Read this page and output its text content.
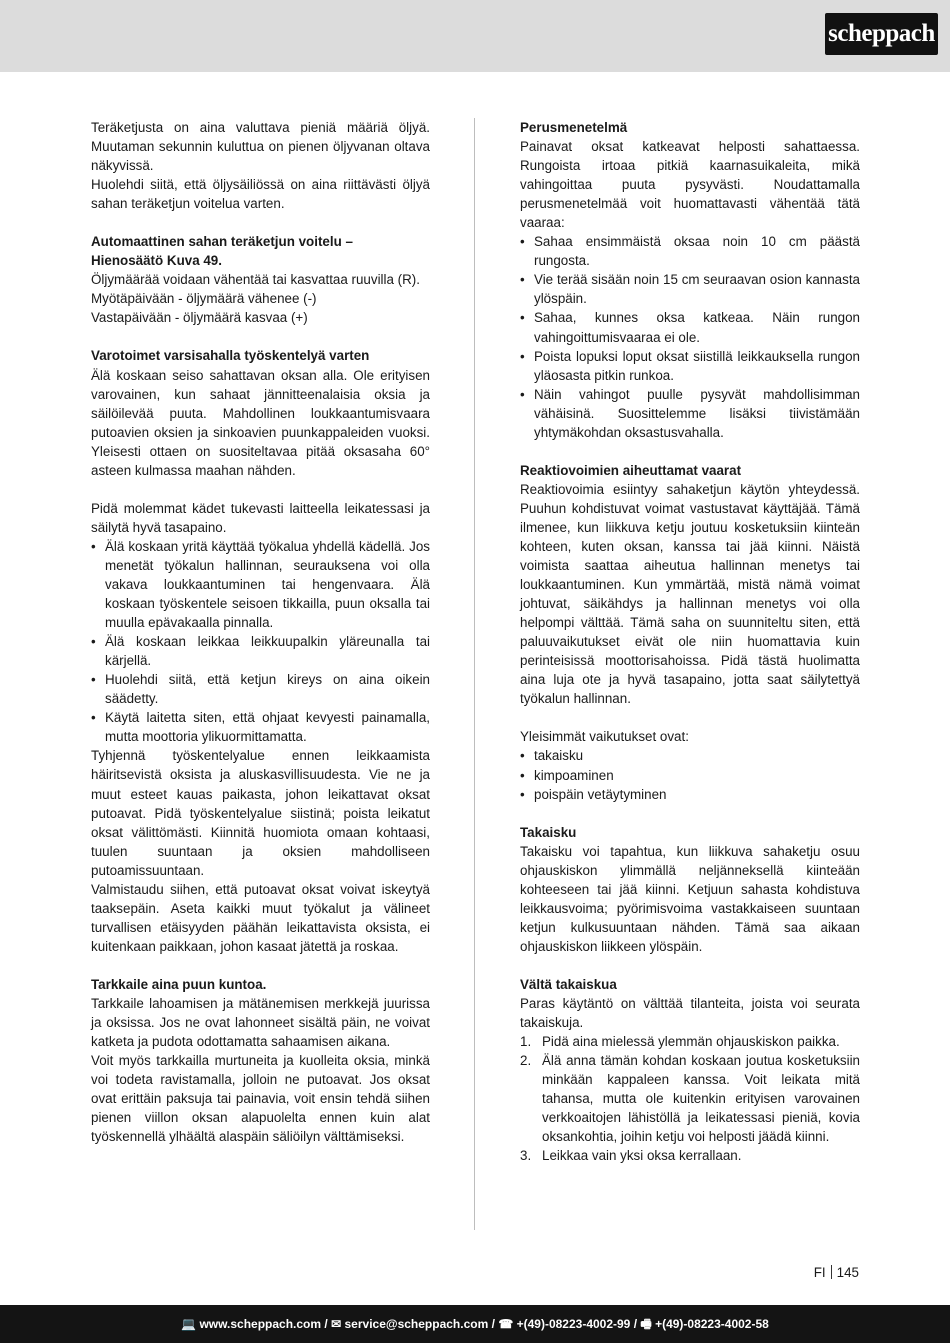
scheppach

Teräketjusta on aina valuttava pieniä määriä öljyä. Muutaman sekunnin kuluttua on pienen öljyvanan oltava näkyvissä.

Huolehdi siitä, että öljysäiliössä on aina riittävästi öljyä sahan teräketjun voitelua varten.

Automaattinen sahan teräketjun voitelu –

Hienosäätö Kuva 49.

Öljymäärää voidaan vähentää tai kasvattaa ruuvilla (R).

Myötäpäivään - öljymäärä vähenee (-)

Vastapäivään - öljymäärä kasvaa (+)

Varotoimet varsisahalla työskentelyä varten

Älä koskaan seiso sahattavan oksan alla. Ole erityisen varovainen, kun sahaat jännitteenalaisia oksia ja säilöilevää puuta. Mahdollinen loukkaantumisvaara putoavien oksien ja sinkoavien puunkappaleiden vuoksi. Yleisesti ottaen on suositeltavaa pitää oksasaha 60° asteen kulmassa maahan nähden.

Pidä molemmat kädet tukevasti laitteella leikatessasi ja säilytä hyvä tasapaino.

• Älä koskaan yritä käyttää työkalua yhdellä kädellä. Jos menetät työkalun hallinnan, seurauksena voi olla vakava loukkaantuminen tai hengenvaara. Älä koskaan työskentele seisoen tikkailla, puun oksalla tai muulla epävakaalla pinnalla.
• Älä koskaan leikkaa leikkuupalkin yläreunalla tai kärjellä.
• Huolehdi siitä, että ketjun kireys on aina oikein säädetty.
• Käytä laitetta siten, että ohjaat kevyesti painamalla, mutta moottoria ylikuormittamatta.

Tyhjennä työskentelyalue ennen leikkaamista häiritsevistä oksista ja aluskasvillisuudesta. Vie ne ja muut esteet kauas paikasta, johon leikattavat oksat putoavat. Pidä työskentelyalue siistinä; poista leikatut oksat välittömästi. Kiinnitä huomiota omaan kohtaasi, tuulen suuntaan ja oksien mahdolliseen putoamissuuntaan.

Valmistaudu siihen, että putoavat oksat voivat iskeytyä taaksepäin. Aseta kaikki muut työkalut ja välineet turvallisen etäisyyden päähän leikattavista oksista, ei kuitenkaan paikkaan, johon kasaat jätettä ja roskaa.

Tarkkaile aina puun kuntoa.

Tarkkaile lahoamisen ja mätänemisen merkkejä juurissa ja oksissa. Jos ne ovat lahonneet sisältä päin, ne voivat katketa ja pudota odottamatta sahaamisen aikana.

Voit myös tarkkailla murtuneita ja kuolleita oksia, minkä voi todeta ravistamalla, jolloin ne putoavat. Jos oksat ovat erittäin paksuja tai painavia, voit ensin tehdä siihen pienen viillon oksan alapuolelta ennen kuin alat työskennellä ylhäältä alaspäin säliöilyn välttämiseksi.

Perusmenetelmä

Painavat oksat katkeavat helposti sahattaessa. Rungoista irtoaa pitkiä kaarnasuikaleita, mikä vahingoittaa puuta pysyvästi. Noudattamalla perusmenetelmää voit huomattavasti vähentää tätä vaaraa:

• Sahaa ensimmäistä oksaa noin 10 cm päästä rungosta.
• Vie terää sisään noin 15 cm seuraavan osion kannasta ylöspäin.
• Sahaa, kunnes oksa katkeaa. Näin rungon vahingoittumisvaaraa ei ole.
• Poista lopuksi loput oksat siistillä leikkauksella rungon yläosasta pitkin runkoa.
• Näin vahingot puulle pysyvät mahdollisimman vähäisinä. Suosittelemme lisäksi tiivistämään yhtymäkohdan oksastusvahalla.

Reaktiovoimien aiheuttamat vaarat

Reaktiovoimia esiintyy sahaketjun käytön yhteydessä. Puuhun kohdistuvat voimat vastustavat käyttäjää. Tämä ilmenee, kun liikkuva ketju joutuu kosketuksiin kiinteän kohteen, kuten oksan, kanssa tai jää kiinni. Näistä voimista saattaa aiheutua hallinnan menetys tai loukkaantuminen. Kun ymmärtää, mistä nämä voimat johtuvat, säikähdys ja hallinnan menetys voi olla helpompi välttää. Tämä saha on suunniteltu siten, että paluuvaikutukset eivät ole niin huomattavia kuin perinteisissä moottorisahoissa. Pidä tästä huolimatta aina luja ote ja hyvä tasapaino, jotta saat säilytettyä työkalun hallinnan.

Yleisimmät vaikutukset ovat:

• takaisku
• kimpoaminen
• poispäin vetäytyminen

Takaisku

Takaisku voi tapahtua, kun liikkuva sahaketju osuu ohjauskiskon ylimmällä neljänneksellä kiinteään kohteeseen tai jää kiinni. Ketjuun sahasta kohdistuva leikkausvoima; pyörimisvoima vastakkaiseen suuntaan ketjun kulkusuuntaan nähden. Tämä saa aikaan ohjauskiskon liikkeen ylöspäin.

Vältä takaiskua

Paras käytäntö on välttää tilanteita, joista voi seurata takaiskuja.

1. Pidä aina mielessä ylemmän ohjauskiskon paikka.
2. Älä anna tämän kohdan koskaan joutua kosketuksiin minkään kappaleen kanssa. Voit leikata mitä tahansa, mutta ole kuitenkin erityisen varovainen verkkoaitojen lähistöllä ja leikatessasi pieniä, kovia oksankohtia, joihin ketju voi helposti jäädä kiinni.
3. Leikkaa vain yksi oksa kerrallaan.
FI 145
💻 www.scheppach.com / ✉ service@scheppach.com / ☎ +(49)-08223-4002-99 / 🖷 +(49)-08223-4002-58
